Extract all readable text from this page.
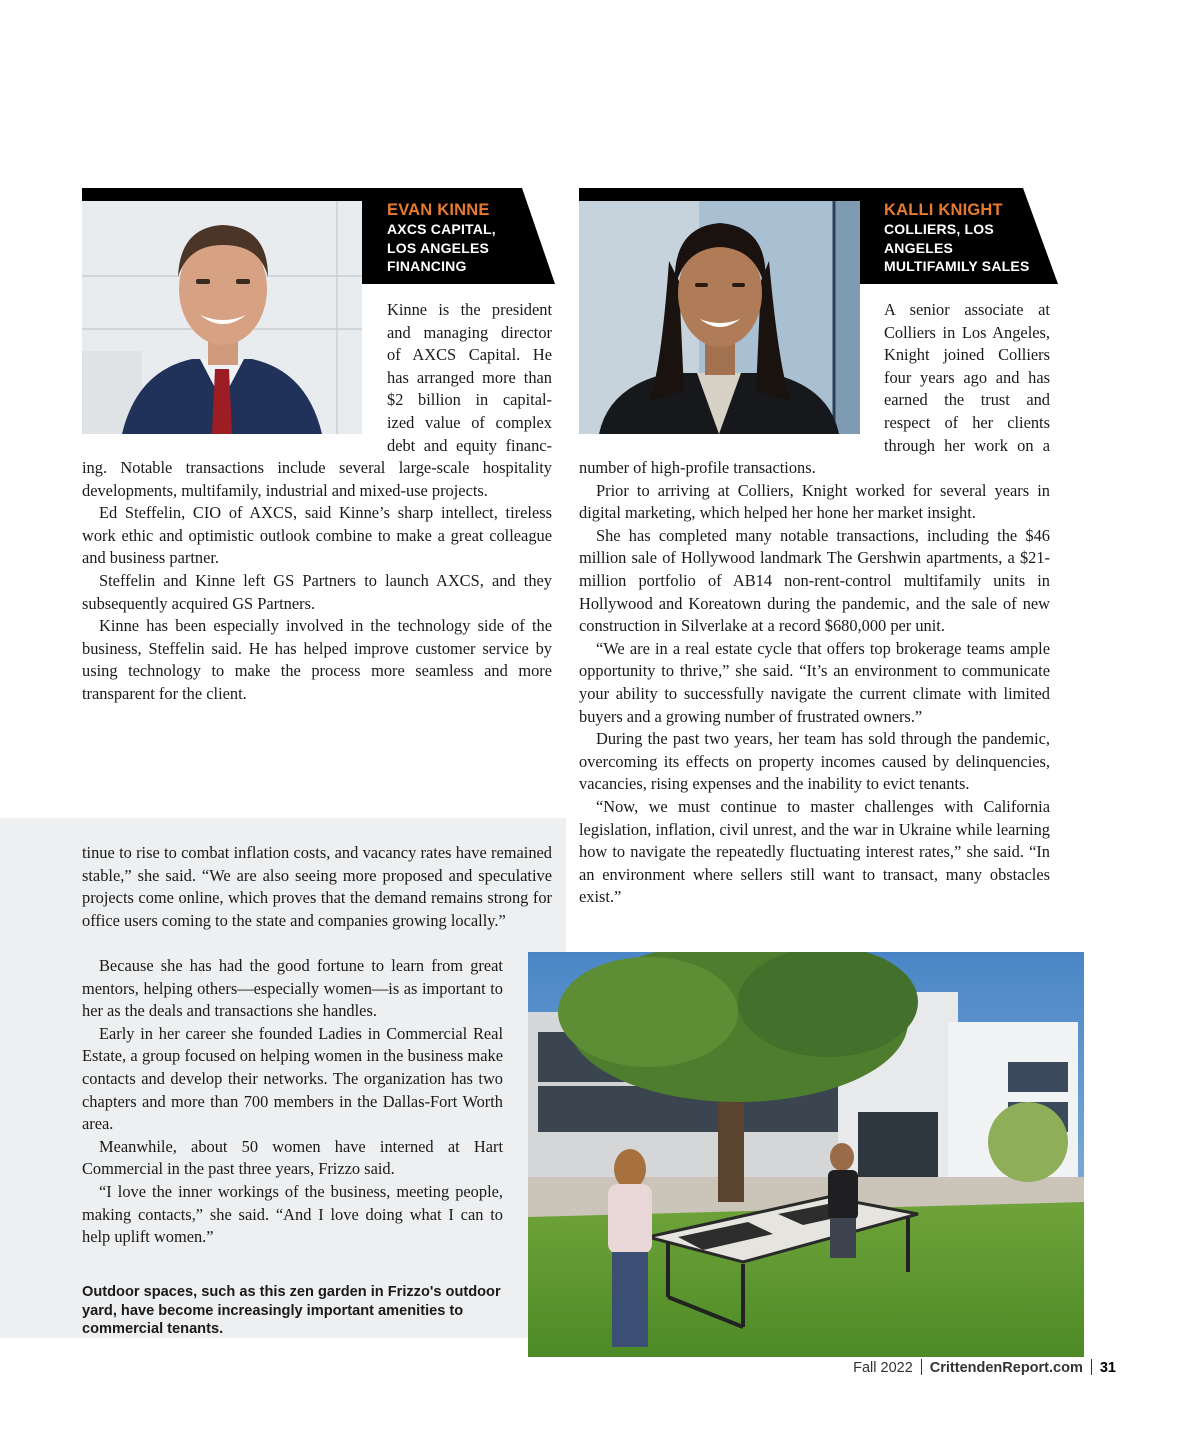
EVAN KINNE
AXCS CAPITAL,
LOS ANGELES
FINANCING
Kinne is the president
and managing director
of AXCS Capital. He
has arranged more than
$2 billion in capital-
ized value of complex
debt and equity financ-

ing. Notable transactions include several large-scale hospitality developments, multifamily, industrial and mixed-use projects.

Ed Steffelin, CIO of AXCS, said Kinne’s sharp intellect, tireless work ethic and optimistic outlook combine to make a great colleague and business partner.

Steffelin and Kinne left GS Partners to launch AXCS, and they subsequently acquired GS Partners.

Kinne has been especially involved in the technology side of the business, Steffelin said. He has helped improve customer service by using technology to make the process more seamless and more transparent for the client.

KALLI KNIGHT
COLLIERS, LOS
ANGELES
MULTIFAMILY SALES
A senior associate at
Colliers in Los Angeles,
Knight joined Colliers
four years ago and has
earned the trust and
respect of her clients
through her work on a

number of high-profile transactions.

Prior to arriving at Colliers, Knight worked for several years in digital marketing, which helped her hone her market insight.

She has completed many notable transactions, including the $46 million sale of Hollywood landmark The Gershwin apartments, a $21-million portfolio of AB14 non-rent-control multifamily units in Hollywood and Koreatown during the pandemic, and the sale of new construction in Silverlake at a record $680,000 per unit.

“We are in a real estate cycle that offers top brokerage teams ample opportunity to thrive,” she said. “It’s an environment to communicate your ability to successfully navigate the current climate with limited buyers and a growing number of frustrated owners.”

During the past two years, her team has sold through the pandemic, overcoming its effects on property incomes caused by delinquencies, vacancies, rising expenses and the inability to evict tenants.

“Now, we must continue to master challenges with California legislation, inflation, civil unrest, and the war in Ukraine while learning how to navigate the repeatedly fluctuating interest rates,” she said. “In an environment where sellers still want to transact, many obstacles exist.”

tinue to rise to combat inflation costs, and vacancy rates have remained stable,” she said. “We are also seeing more proposed and speculative projects come online, which proves that the demand remains strong for office users coming to the state and companies growing locally.”

Because she has had the good fortune to learn from great mentors, helping others—especially women—is as important to her as the deals and transactions she handles.

Early in her career she founded Ladies in Commercial Real Estate, a group focused on helping women in the business make contacts and develop their networks. The organization has two chapters and more than 700 members in the Dallas-Fort Worth area.

Meanwhile, about 50 women have interned at Hart Commercial in the past three years, Frizzo said.

“I love the inner workings of the business, meeting people, making contacts,” she said. “And I love doing what I can to help uplift women.”

Outdoor spaces, such as this zen garden in Frizzo's outdoor yard, have become increasingly important amenities to commercial tenants.
Fall 2022 CrittendenReport.com 31
